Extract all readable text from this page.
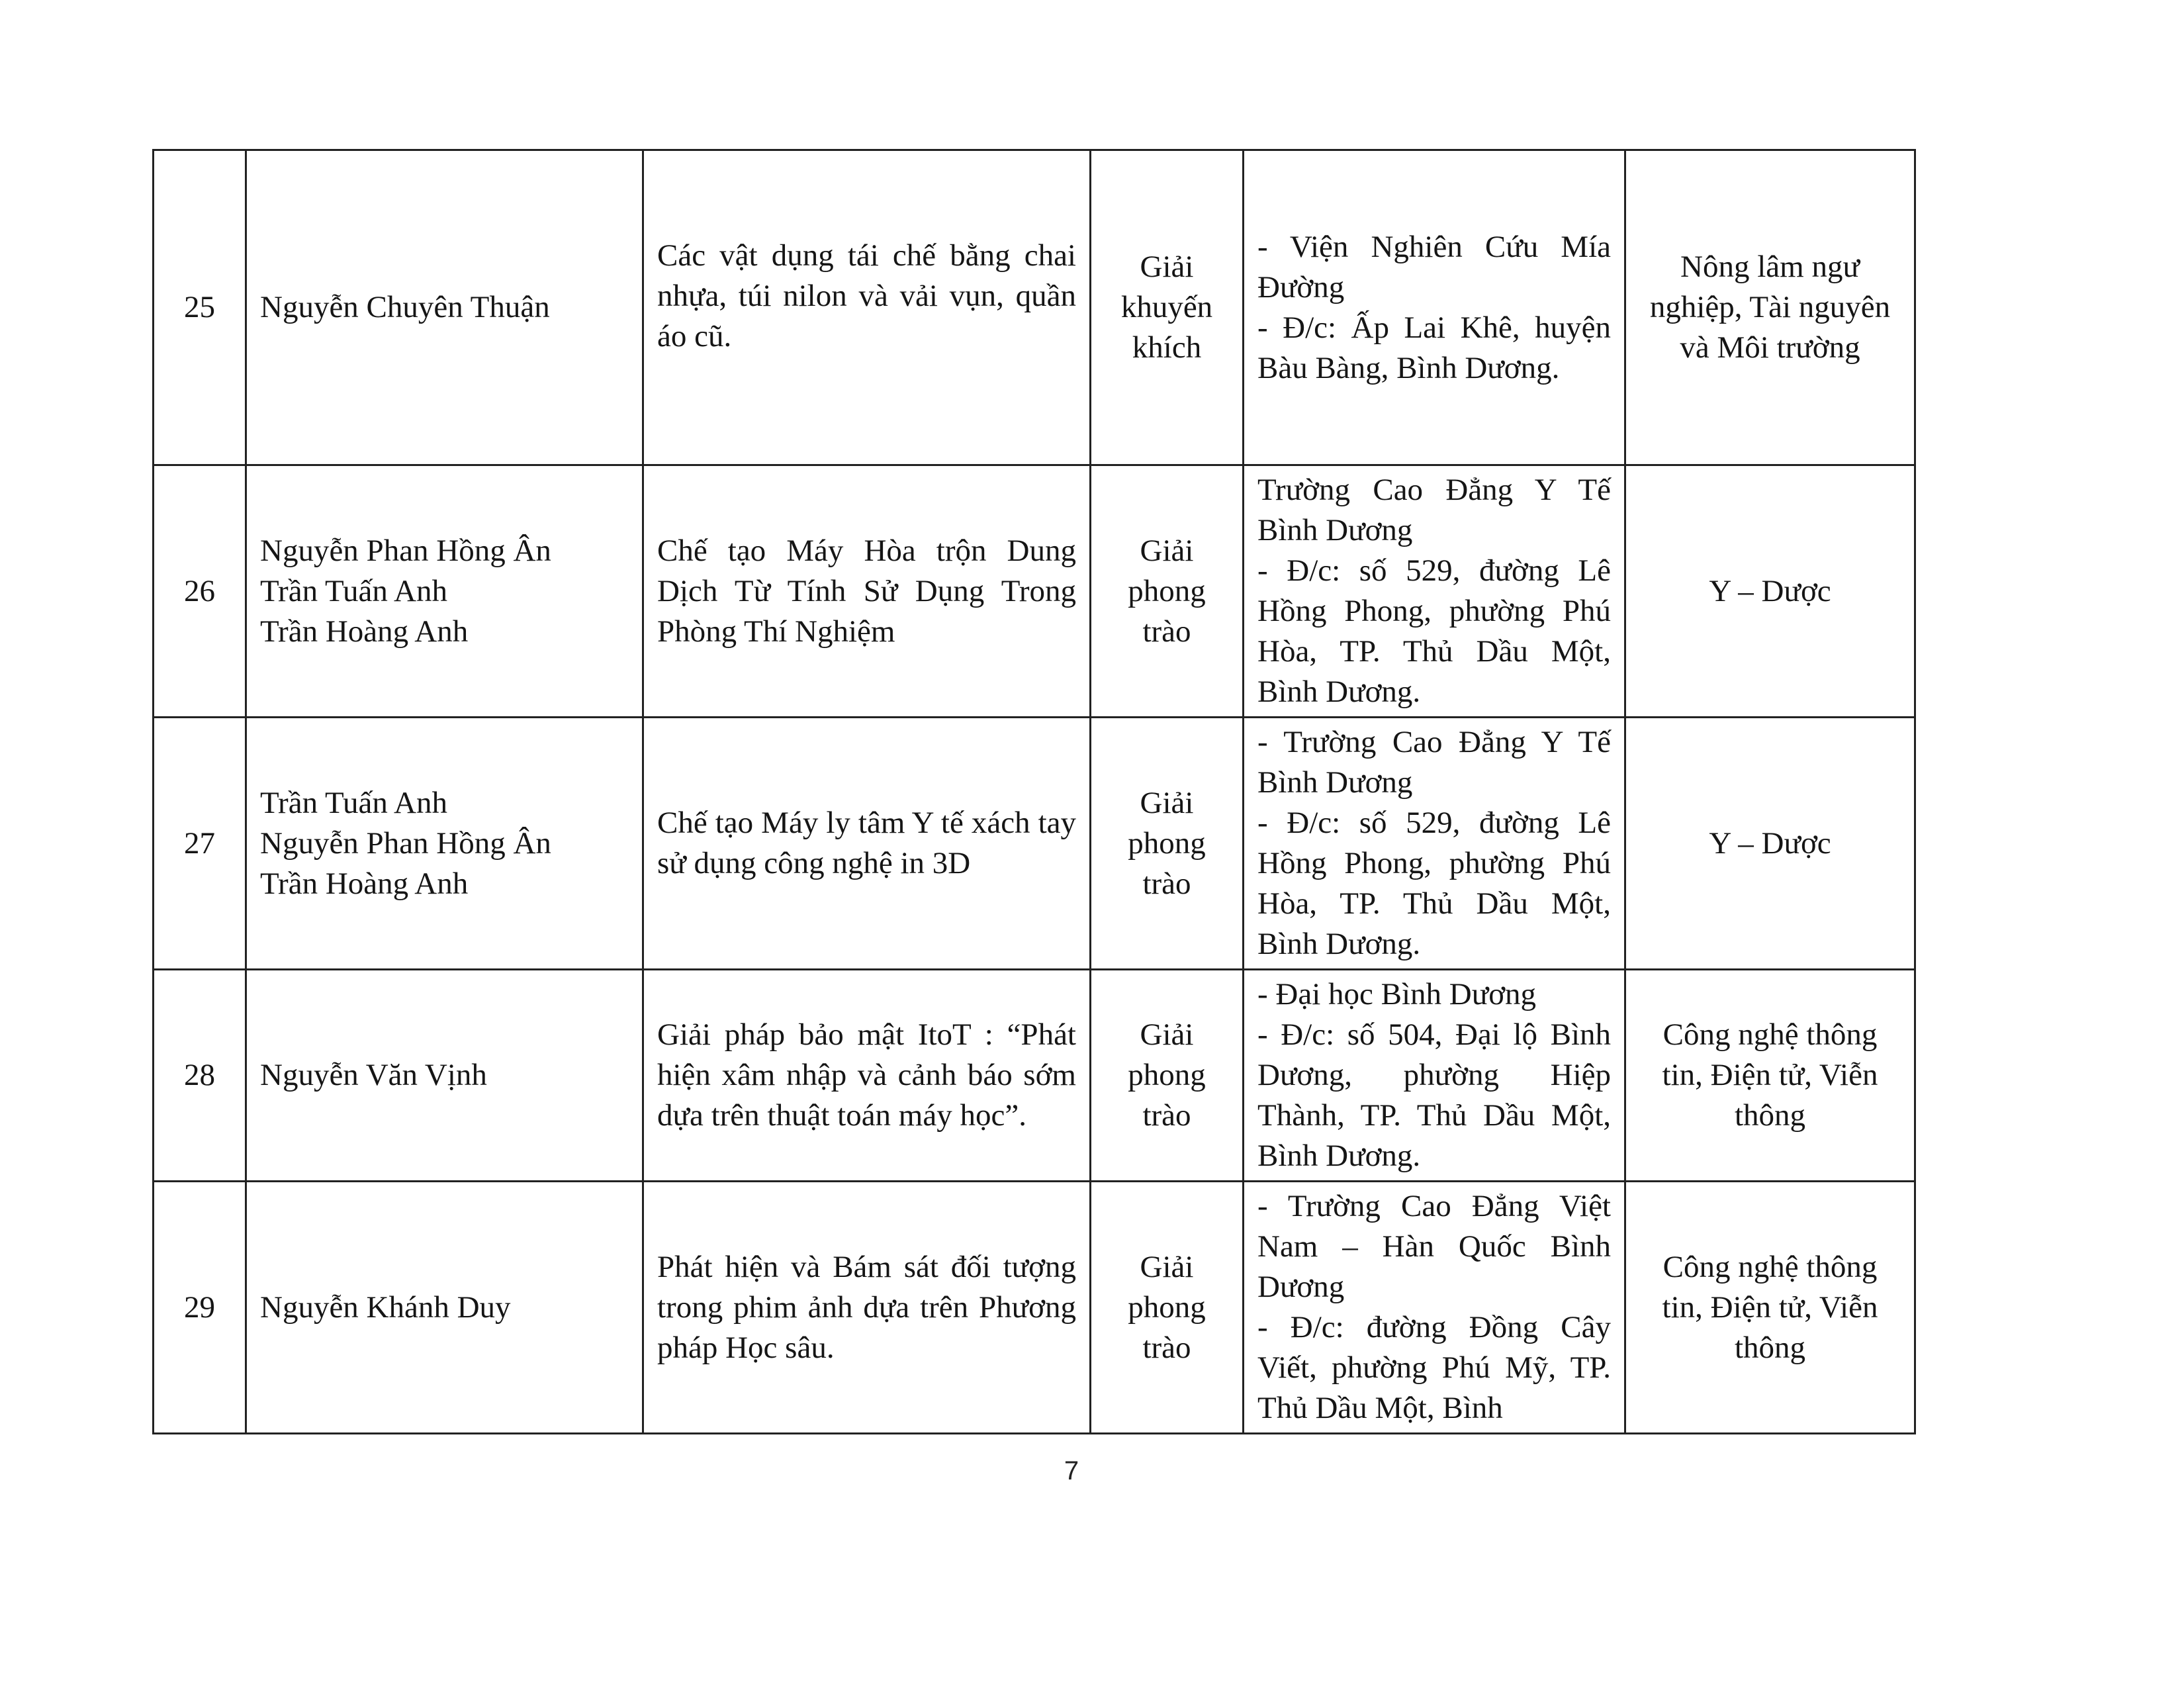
25	Nguyễn Chuyên Thuận	Các vật dụng tái chế bằng chai nhựa, túi nilon và vải vụn, quần áo cũ.	Giải
khuyến
khích	- Viện Nghiên Cứu Mía Đường
- Đ/c: Ấp Lai Khê, huyện Bàu Bàng, Bình Dương.	Nông lâm ngư nghiệp, Tài nguyên và Môi trường
26	Nguyễn Phan Hồng Ân
Trần Tuấn Anh
Trần Hoàng Anh	Chế tạo Máy Hòa trộn Dung Dịch Từ Tính Sử Dụng Trong Phòng Thí Nghiệm	Giải
phong
trào	Trường Cao Đẳng Y Tế Bình Dương
- Đ/c: số 529, đường Lê Hồng Phong, phường Phú Hòa, TP. Thủ Dầu Một, Bình Dương.	Y – Dược
27	Trần Tuấn Anh
Nguyễn Phan Hồng Ân
Trần Hoàng Anh	Chế tạo Máy ly tâm Y tế xách tay sử dụng công nghệ in 3D	Giải
phong
trào	- Trường Cao Đẳng Y Tế Bình Dương
- Đ/c: số 529, đường Lê Hồng Phong, phường Phú Hòa, TP. Thủ Dầu Một, Bình Dương.	Y – Dược
28	Nguyễn Văn Vịnh	Giải pháp bảo mật ItoT : “Phát hiện xâm nhập và cảnh báo sớm dựa trên thuật toán máy học”.	Giải
phong
trào	- Đại học Bình Dương
- Đ/c: số 504, Đại lộ Bình Dương, phường Hiệp Thành, TP. Thủ Dầu Một, Bình Dương.	Công nghệ thông tin, Điện tử, Viễn thông
29	Nguyễn Khánh Duy	Phát hiện và Bám sát đối tượng trong phim ảnh dựa trên Phương pháp Học sâu.	Giải
phong
trào	- Trường Cao Đẳng Việt Nam – Hàn Quốc Bình Dương
- Đ/c: đường Đồng Cây Viết, phường Phú Mỹ, TP. Thủ Dầu Một, Bình	Công nghệ thông tin, Điện tử, Viễn thông
7
